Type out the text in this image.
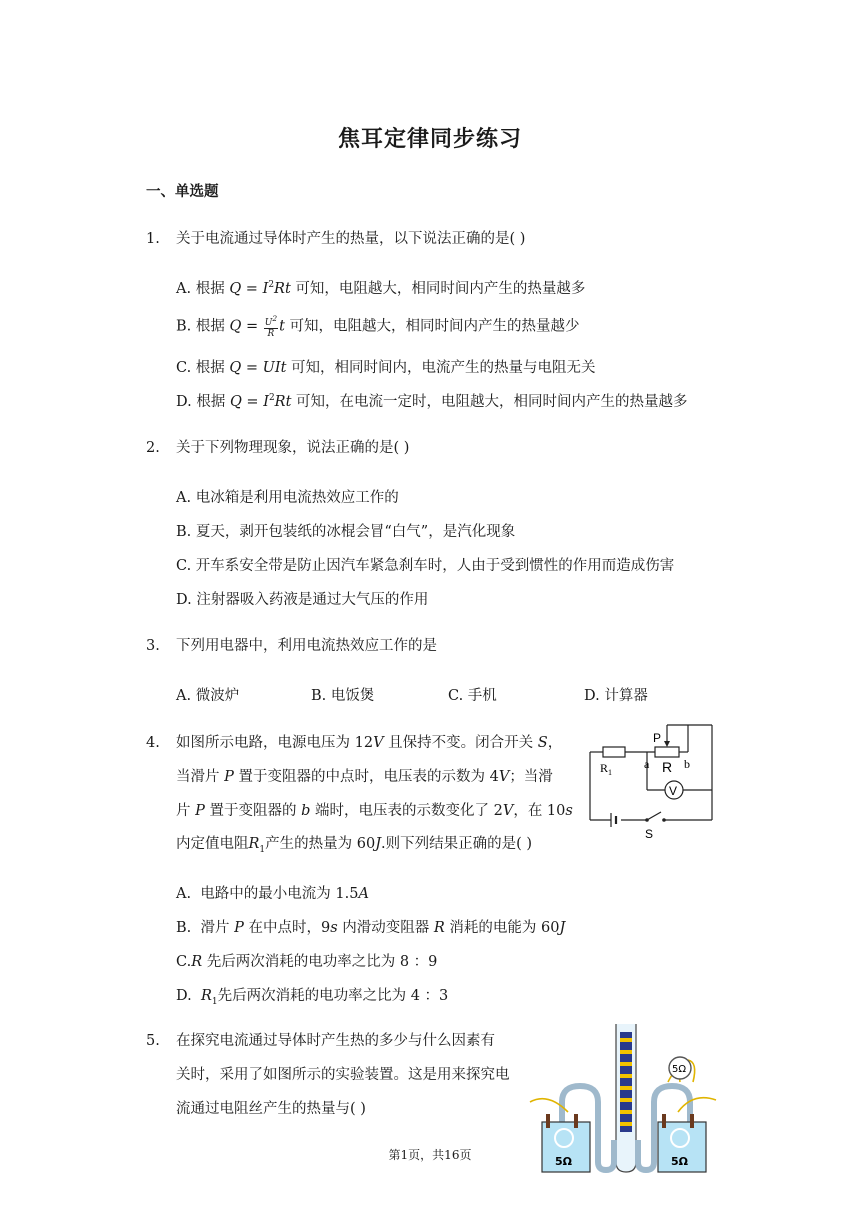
焦耳定律同步练习
一、单选题
1. 关于电流通过导体时产生的热量，以下说法正确的是( )
A. 根据 $Q = I^2Rt$ 可知，电阻越大，相同时间内产生的热量越多
B. 根据 $Q = \frac{U^2}{R}$ t 可知，电阻越大，相同时间内产生的热量越少
C. 根据 Q = UIt 可知，相同时间内，电流产生的热量与电阻无关
D. 根据 $Q = I^2Rt$ 可知，在电流一定时，电阻越大，相同时间内产生的热量越多
2. 关于下列物理现象，说法正确的是( )
A. 电冰箱是利用电流热效应工作的
B. 夏天，剥开包装纸的冰棍会冒“白气”，是汽化现象
C. 开车系安全带是防止因汽车紧急刹车时，人由于受到惯性的作用而造成伤害
D. 注射器吸入药液是通过大气压的作用
3. 下列用电器中，利用电流热效应工作的是
A. 微波炉	B. 电饭煲	C. 手机	D. 计算器
4. 如图所示电路，电源电压为 12V 且保持不变。闭合开关 S，
当滑片 P 置于变阻器的中点时，电压表的示数为 4V；当滑
片 P 置于变阻器的 b 端时，电压表的示数变化了 2V，在 10s
内定值电阻$R_1$产生的热量为 60J.则下列结果正确的是( )
$R_1$
P
a R b
V
S
A. 电路中的最小电流为 1.5A
B. 滑片 P 在中点时，9s 内滑动变阻器 R 消耗的电能为 60J
C.R 先后两次消耗的电功率之比为 8 ：9
D. $R_1$先后两次消耗的电功率之比为 4 ：3
5. 在探究电流通过导体时产生热的多少与什么因素有
关时，采用了如图所示的实验装置。这是用来探究电
流通过电阻丝产生的热量与( )
5Ω
5Ω	5Ω
第1页，共16页
